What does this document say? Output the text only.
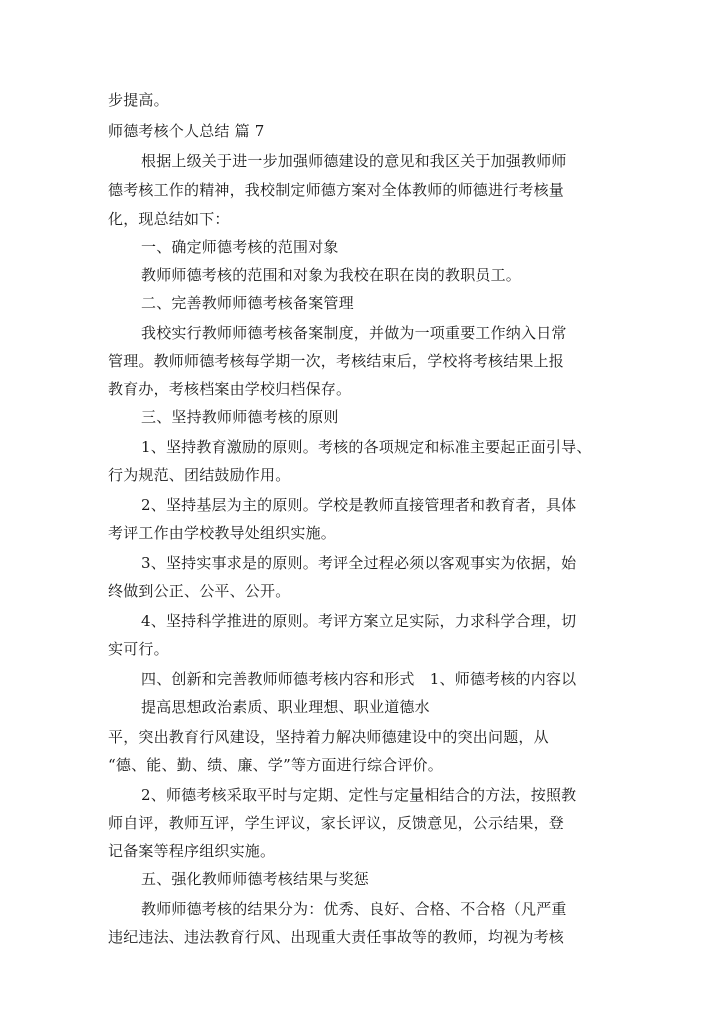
步提高。
师德考核个人总结 篇 7
根据上级关于进一步加强师德建设的意见和我区关于加强教师师
德考核工作的精神，我校制定师德方案对全体教师的师德进行考核量
化，现总结如下：
一、确定师德考核的范围对象
教师师德考核的范围和对象为我校在职在岗的教职员工。
二、完善教师师德考核备案管理
我校实行教师师德考核备案制度，并做为一项重要工作纳入日常
管理。教师师德考核每学期一次，考核结束后，学校将考核结果上报
教育办，考核档案由学校归档保存。
三、坚持教师师德考核的原则
1、坚持教育激励的原则。考核的各项规定和标准主要起正面引导、
行为规范、团结鼓励作用。
2、坚持基层为主的原则。学校是教师直接管理者和教育者，具体
考评工作由学校教导处组织实施。
3、坚持实事求是的原则。考评全过程必须以客观事实为依据，始
终做到公正、公平、公开。
4、坚持科学推进的原则。考评方案立足实际，力求科学合理，切
实可行。
四、创新和完善教师师德考核内容和形式　1、师德考核的内容以
提高思想政治素质、职业理想、职业道德水
平，突出教育行风建设，坚持着力解决师德建设中的突出问题，从
“德、能、勤、绩、廉、学”等方面进行综合评价。
2、师德考核采取平时与定期、定性与定量相结合的方法，按照教
师自评，教师互评，学生评议，家长评议，反馈意见，公示结果，登
记备案等程序组织实施。
五、强化教师师德考核结果与奖惩
教师师德考核的结果分为：优秀、良好、合格、不合格（凡严重
违纪违法、违法教育行风、出现重大责任事故等的教师，均视为考核
